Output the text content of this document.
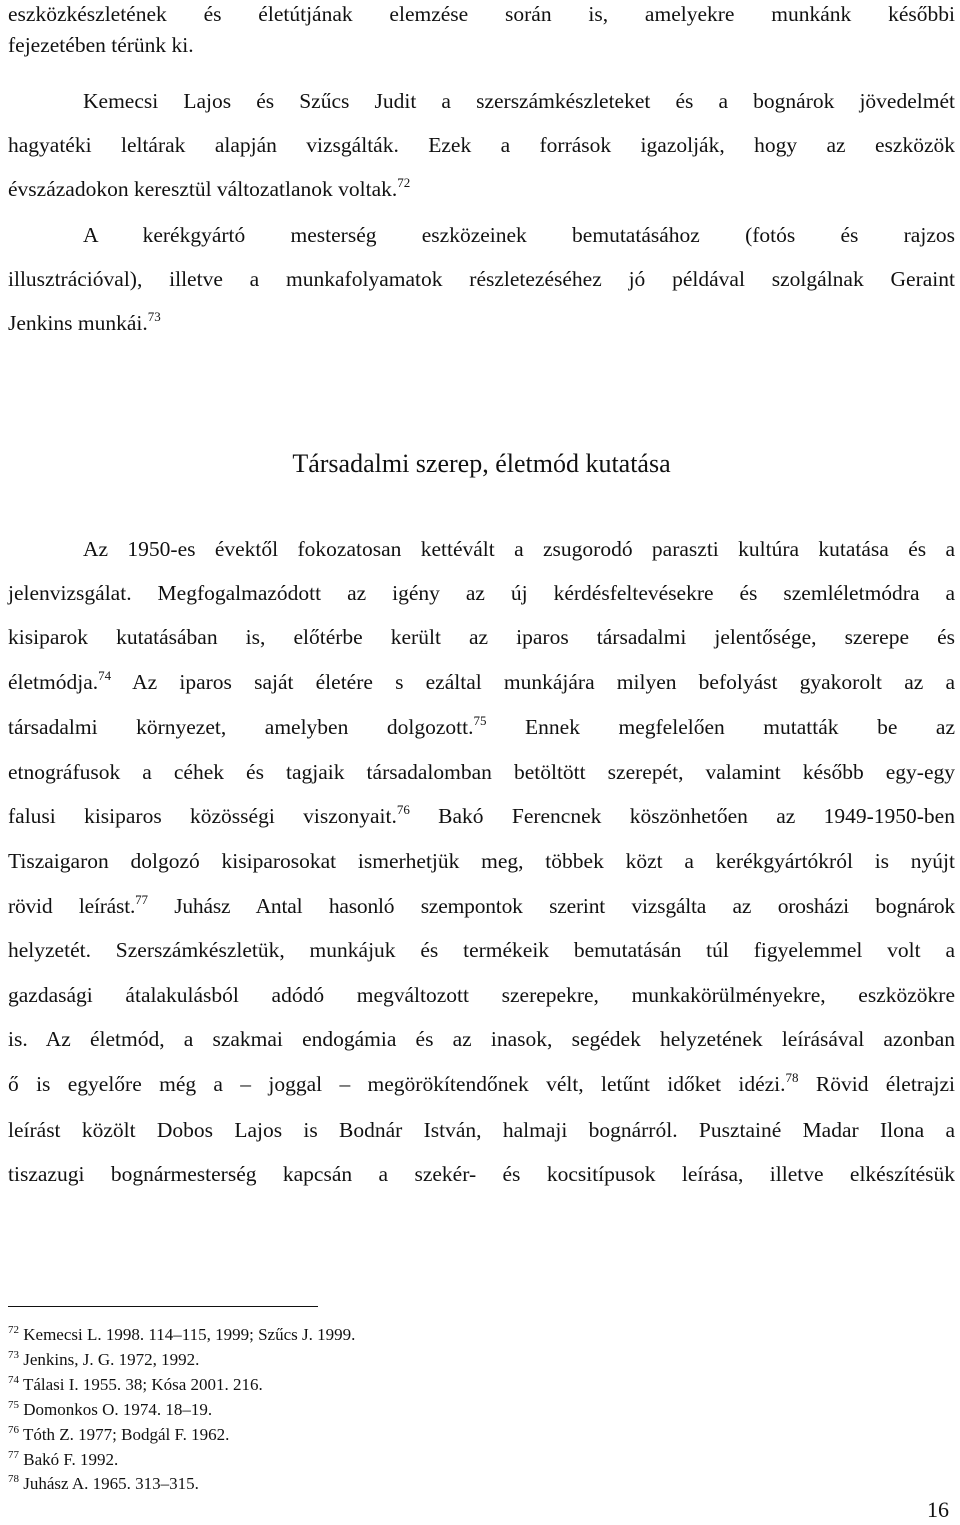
eszközkészletének és életútjának elemzése során is, amelyekre munkánk későbbi
fejezetében térünk ki.
Kemecsi Lajos és Szűcs Judit a szerszámkészleteket és a bognárok jövedelmét
hagyatéki leltárak alapján vizsgálták. Ezek a források igazolják, hogy az eszközök
évszázadokon keresztül változatlanok voltak.$^{72}$
A kerékgyártó mesterség eszközeinek bemutatásához (fotós és rajzos
illusztrációval), illetve a munkafolyamatok részletezéséhez jó példával szolgálnak Geraint
Jenkins munkái.$^{73}$
Társadalmi szerep, életmód kutatása
Az 1950-es évektől fokozatosan kettévált a zsugorodó paraszti kultúra kutatása és a
jelenvizsgálat. Megfogalmazódott az igény az új kérdésfeltevésekre és szemléletmódra a
kisiparok kutatásában is, előtérbe került az iparos társadalmi jelentősége, szerepe és
életmódja.$^{74}$ Az iparos saját életére s ezáltal munkájára milyen befolyást gyakorolt az a
társadalmi környezet, amelyben dolgozott.$^{75}$ Ennek megfelelően mutatták be az
etnográfusok a céhek és tagjaik társadalomban betöltött szerepét, valamint később egy-egy
falusi kisiparos közösségi viszonyait.$^{76}$ Bakó Ferencnek köszönhetően az 1949-1950-ben
Tiszaigaron dolgozó kisiparosokat ismerhetjük meg, többek közt a kerékgyártókról is nyújt
rövid leírást.$^{77}$ Juhász Antal hasonló szempontok szerint vizsgálta az orosházi bognárok
helyzetét. Szerszámkészletük, munkájuk és termékeik bemutatásán túl figyelemmel volt a
gazdasági átalakulásból adódó megváltozott szerepekre, munkakörülményekre, eszközökre
is. Az életmód, a szakmai endogámia és az inasok, segédek helyzetének leírásával azonban
ő is egyelőre még a – joggal – megörökítendőnek vélt, letűnt időket idézi.$^{78}$ Rövid életrajzi
leírást közölt Dobos Lajos is Bodnár István, halmaji bognárról. Pusztainé Madar Ilona a
tiszazugi bognármesterség kapcsán a szekér- és kocsitípusok leírása, illetve elkészítésük
$^{72}$ Kemecsi L. 1998. 114–115, 1999; Szűcs J. 1999.
$^{73}$ Jenkins, J. G. 1972, 1992.
$^{74}$ Tálasi I. 1955. 38; Kósa 2001. 216.
$^{75}$ Domonkos O. 1974. 18–19.
$^{76}$ Tóth Z. 1977; Bodgál F. 1962.
$^{77}$ Bakó F. 1992.
$^{78}$ Juhász A. 1965. 313–315.
16
